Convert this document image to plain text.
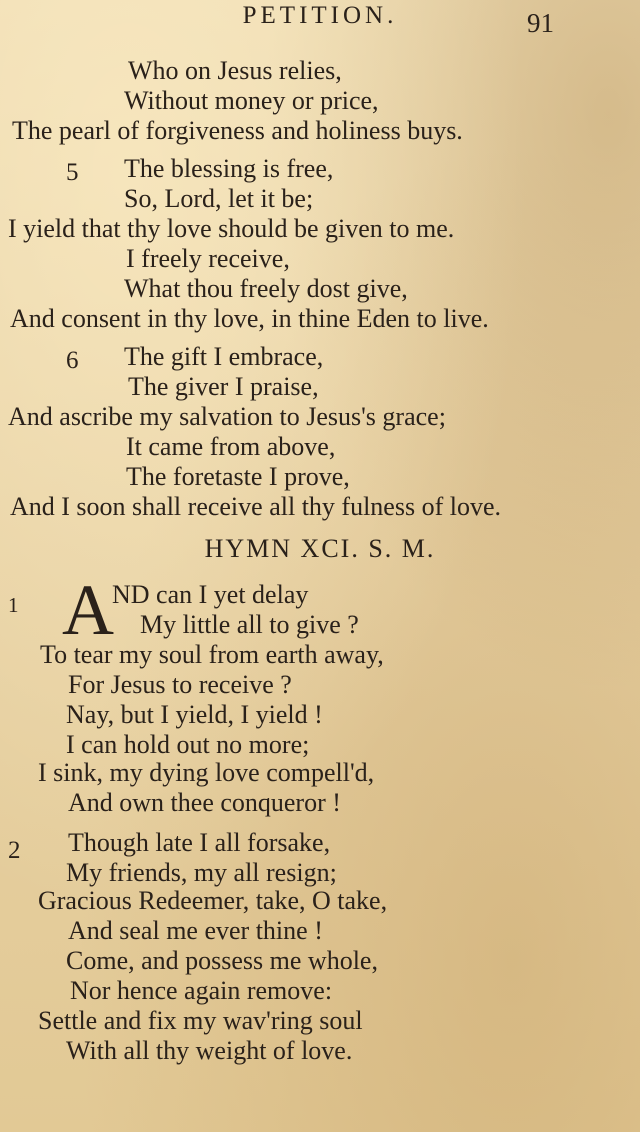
PETITION.	91
Who on Jesus relies,
Without money or price,
The pearl of forgiveness and holiness buys.
5 The blessing is free,
So, Lord, let it be;
I yield that thy love should be given to me.
I freely receive,
What thou freely dost give,
And consent in thy love, in thine Eden to live.
6 The gift I embrace,
The giver I praise,
And ascribe my salvation to Jesus's grace;
It came from above,
The foretaste I prove,
And I soon shall receive all thy fulness of love.
HYMN XCI. S. M.
1 A
ND can I yet delay
My little all to give ?
To tear my soul from earth away,
For Jesus to receive ?
Nay, but I yield, I yield !
I can hold out no more;
I sink, my dying love compell'd,
And own thee conqueror !
2 Though late I all forsake,
My friends, my all resign;
Gracious Redeemer, take, O take,
And seal me ever thine !
Come, and possess me whole,
Nor hence again remove:
Settle and fix my wav'ring soul
With all thy weight of love.
